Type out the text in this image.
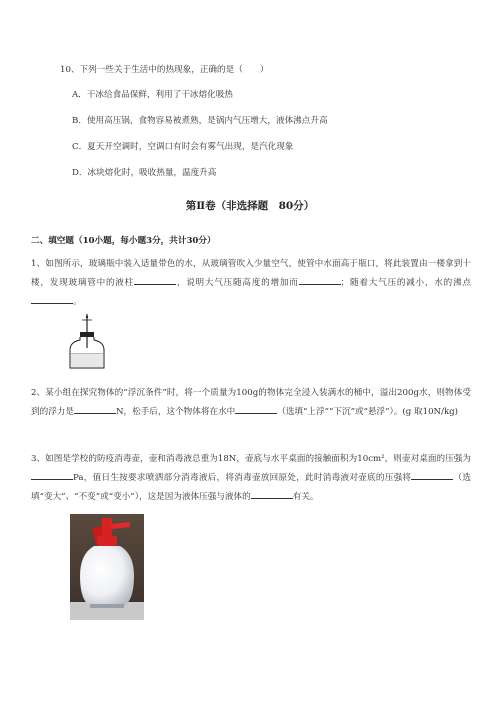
10、下列一些关于生活中的热现象，正确的是（　　）
A．干冰给食品保鲜，利用了干冰熔化吸热
B．使用高压锅，食物容易被煮熟，是锅内气压增大，液体沸点升高
C．夏天开空调时，空调口有时会有雾气出现，是汽化现象
D．冰块熔化时，吸收热量，温度升高
第Ⅱ卷（非选择题　80分）
二、填空题（10小题，每小题3分，共计30分）
1、如图所示，玻璃瓶中装入适量带色的水，从玻璃管吹入少量空气，使管中水面高于瓶口，将此装置由一楼拿到十楼，发现玻璃管中的液柱	，说明大气压随高度的增加而	；随着大气压的减小，水的沸点。
2、某小组在探究物体的“浮沉条件”时，将一个质量为100g的物体完全浸入装满水的桶中，溢出200g水，则物体受到的浮力是	N，松手后，这个物体将在水中	（选填“上浮”“下沉”或“悬浮”）。(g 取10N/kg)
3、如图是学校的防疫消毒壶，壶和消毒液总重为18N，壶底与水平桌面的接触面积为10cm²，则壶对桌面的压强为Pa，值日生按要求喷洒部分消毒液后，将消毒壶放回原处，此时消毒液对壶底的压强将	（选填“变大”、“不变”或“变小”），这是因为液体压强与液体的	有关。
